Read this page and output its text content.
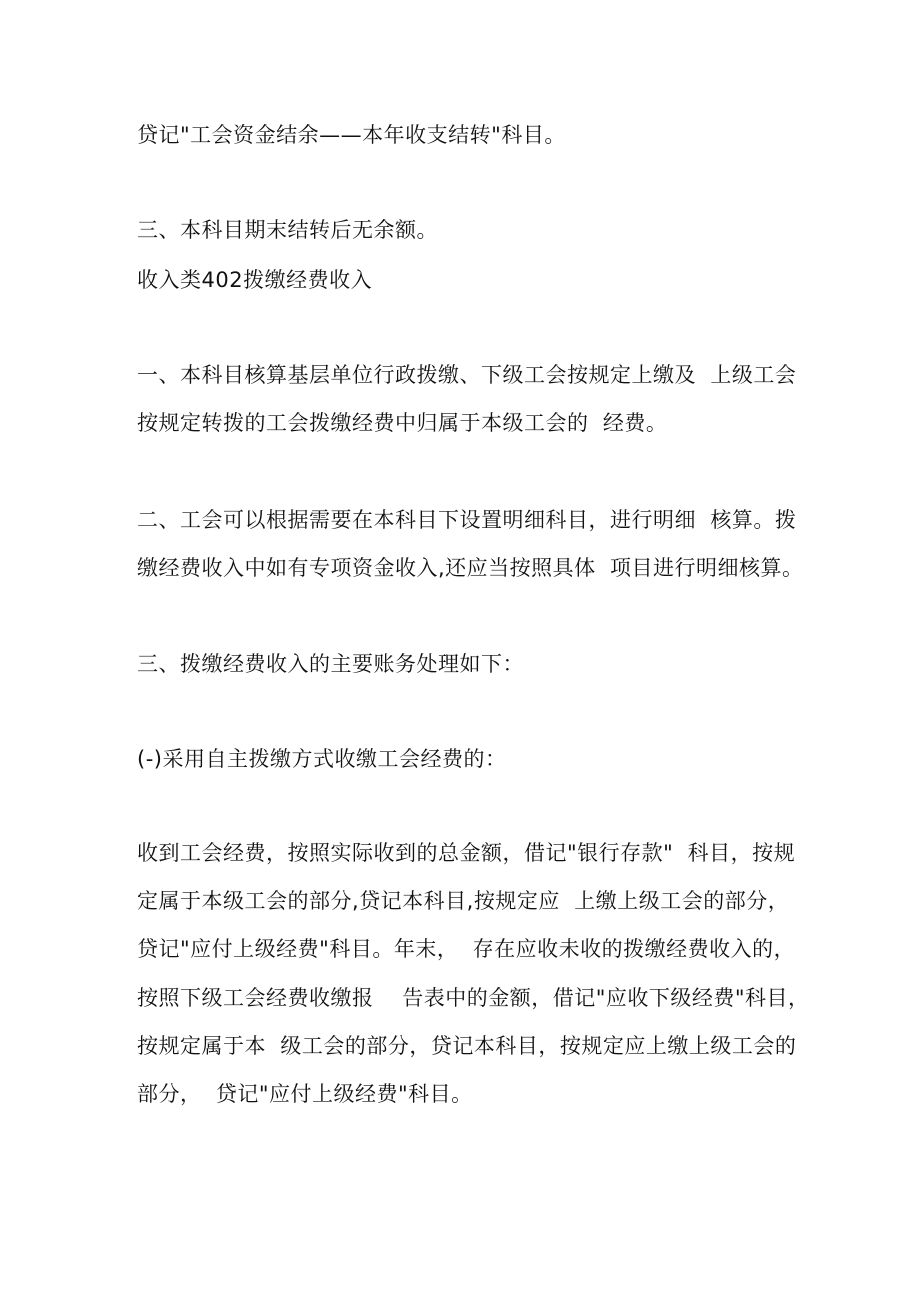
贷记"工会资金结余——本年收支结转"科目。
三、本科目期末结转后无余额。
收入类402拨缴经费收入
一、本科目核算基层单位行政拨缴、下级工会按规定上缴及  上级工会
按规定转拨的工会拨缴经费中归属于本级工会的  经费。
二、工会可以根据需要在本科目下设置明细科目，进行明细  核算。拨
缴经费收入中如有专项资金收入,还应当按照具体  项目进行明细核算。
三、拨缴经费收入的主要账务处理如下：
(-)采用自主拨缴方式收缴工会经费的：
收到工会经费，按照实际收到的总金额，借记"银行存款"  科目，按规
定属于本级工会的部分,贷记本科目,按规定应  上缴上级工会的部分，
贷记"应付上级经费"科目。年末，  存在应收未收的拨缴经费收入的，
按照下级工会经费收缴报    告表中的金额，借记"应收下级经费"科目，
按规定属于本  级工会的部分，贷记本科目，按规定应上缴上级工会的
部分，  贷记"应付上级经费"科目。
